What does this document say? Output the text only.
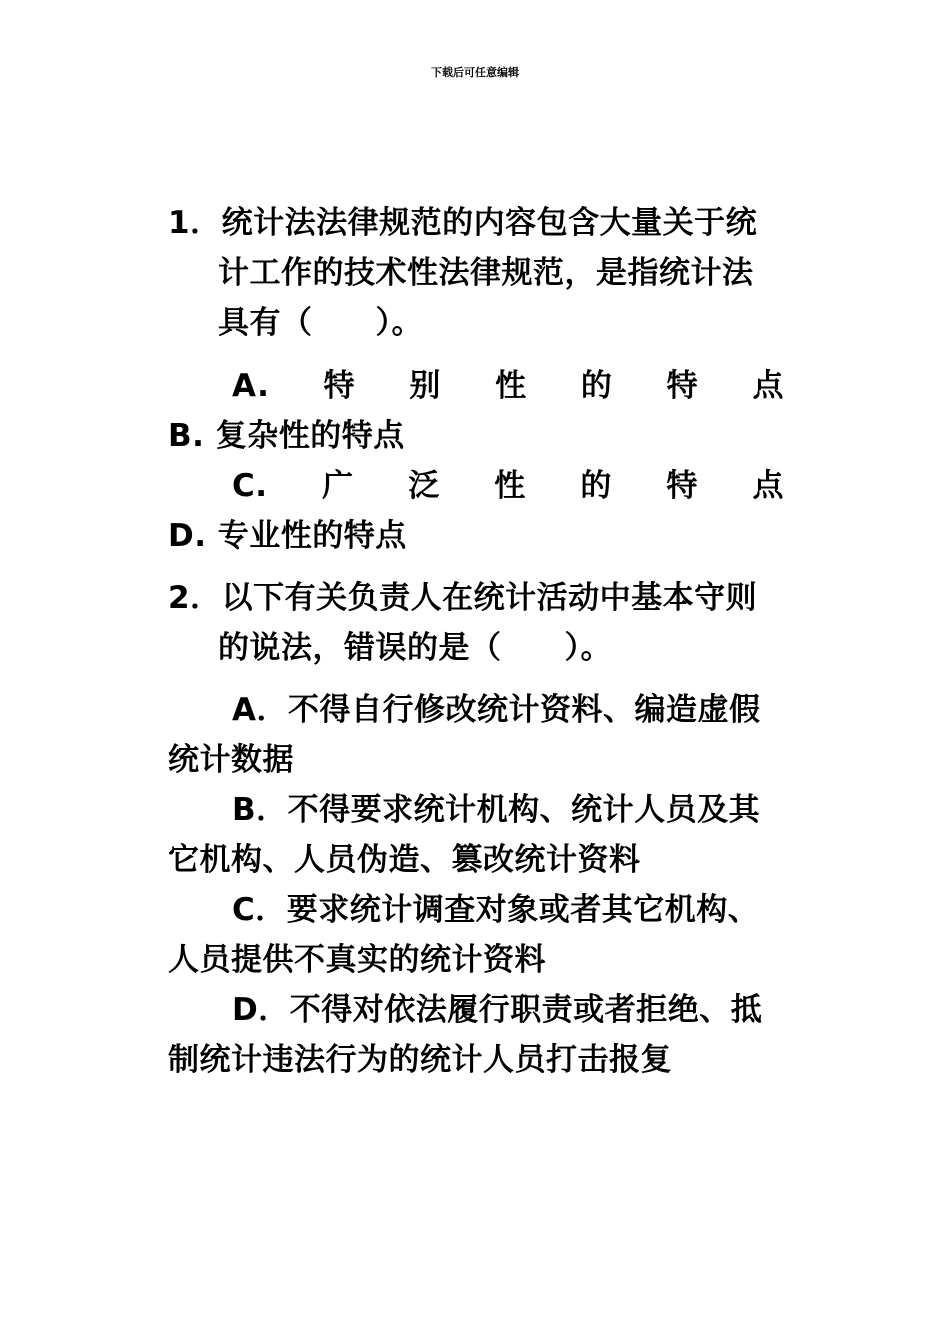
下载后可任意编辑
1．统计法法律规范的内容包含大量关于统
计工作的技术性法律规范，是指统计法
具有（　　）。
A. 特 别 性 的 特 点
B. 复杂性的特点
C. 广 泛 性 的 特 点
D. 专业性的特点
2．以下有关负责人在统计活动中基本守则
的说法，错误的是（　　）。
A．不得自行修改统计资料、编造虚假
统计数据
B．不得要求统计机构、统计人员及其
它机构、人员伪造、篡改统计资料
C．要求统计调查对象或者其它机构、
人员提供不真实的统计资料
D．不得对依法履行职责或者拒绝、抵
制统计违法行为的统计人员打击报复
